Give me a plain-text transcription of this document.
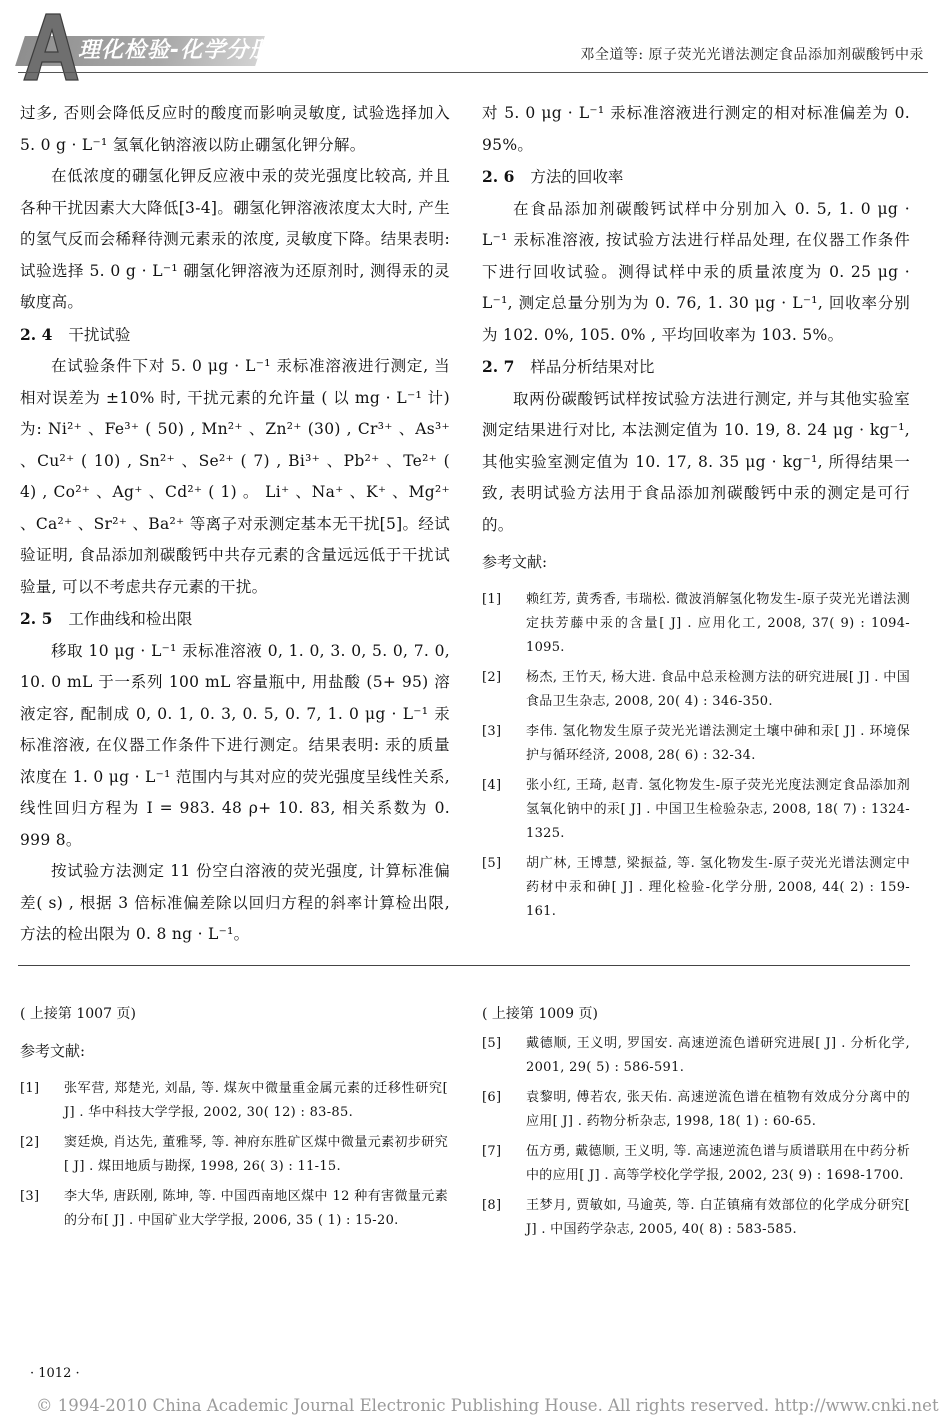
理化检验-化学分册	邓全道等: 原子荧光光谱法测定食品添加剂碳酸钙中汞

过多, 否则会降低反应时的酸度而影响灵敏度, 试验选择加入 5. 0 g · L⁻¹ 氢氧化钠溶液以防止硼氢化钾分解。

在低浓度的硼氢化钾反应液中汞的荧光强度比较高, 并且各种干扰因素大大降低[3-4]。硼氢化钾溶液浓度太大时, 产生的氢气反而会稀释待测元素汞的浓度, 灵敏度下降。结果表明: 试验选择 5. 0 g · L⁻¹ 硼氢化钾溶液为还原剂时, 测得汞的灵敏度高。

2. 4 干扰试验

在试验条件下对 5. 0 μg · L⁻¹ 汞标准溶液进行测定, 当相对误差为 ±10% 时, 干扰元素的允许量 ( 以 mg · L⁻¹ 计) 为: Ni²⁺ 、Fe³⁺ ( 50) , Mn²⁺ 、Zn²⁺ (30) , Cr³⁺ 、As³⁺ 、Cu²⁺ ( 10) , Sn²⁺ 、Se²⁺ ( 7) , Bi³⁺ 、Pb²⁺ 、Te²⁺ ( 4) , Co²⁺ 、Ag⁺ 、Cd²⁺ ( 1) 。 Li⁺ 、Na⁺ 、K⁺ 、Mg²⁺ 、Ca²⁺ 、Sr²⁺ 、Ba²⁺ 等离子对汞测定基本无干扰[5]。经试验证明, 食品添加剂碳酸钙中共存元素的含量远远低于干扰试验量, 可以不考虑共存元素的干扰。

2. 5 工作曲线和检出限

移取 10 μg · L⁻¹ 汞标准溶液 0, 1. 0, 3. 0, 5. 0, 7. 0, 10. 0 mL 于一系列 100 mL 容量瓶中, 用盐酸 (5+ 95) 溶液定容, 配制成 0, 0. 1, 0. 3, 0. 5, 0. 7, 1. 0 μg · L⁻¹ 汞标准溶液, 在仪器工作条件下进行测定。结果表明: 汞的质量浓度在 1. 0 μg · L⁻¹ 范围内与其对应的荧光强度呈线性关系, 线性回归方程为 I = 983. 48 ρ+ 10. 83, 相关系数为 0. 999 8。

按试验方法测定 11 份空白溶液的荧光强度, 计算标准偏差( s) , 根据 3 倍标准偏差除以回归方程的斜率计算检出限, 方法的检出限为 0. 8 ng · L⁻¹。

对 5. 0 μg · L⁻¹ 汞标准溶液进行测定的相对标准偏差为 0. 95%。

2. 6 方法的回收率

在食品添加剂碳酸钙试样中分别加入 0. 5, 1. 0 μg · L⁻¹ 汞标准溶液, 按试验方法进行样品处理, 在仪器工作条件下进行回收试验。测得试样中汞的质量浓度为 0. 25 μg · L⁻¹, 测定总量分别为为 0. 76, 1. 30 μg · L⁻¹, 回收率分别为 102. 0%, 105. 0% , 平均回收率为 103. 5%。

2. 7 样品分析结果对比

取两份碳酸钙试样按试验方法进行测定, 并与其他实验室测定结果进行对比, 本法测定值为 10. 19, 8. 24 μg · kg⁻¹, 其他实验室测定值为 10. 17, 8. 35 μg · kg⁻¹, 所得结果一致, 表明试验方法用于食品添加剂碳酸钙中汞的测定是可行的。

参考文献:
[1]	赖红芳, 黄秀香, 韦瑞松. 微波消解氢化物发生-原子荧光光谱法测定扶芳藤中汞的含量[ J] . 应用化工, 2008, 37( 9) : 1094-1095.
[2]	杨杰, 王竹天, 杨大进. 食品中总汞检测方法的研究进展[ J] . 中国食品卫生杂志, 2008, 20( 4) : 346-350.
[3]	李伟. 氢化物发生原子荧光光谱法测定土壤中砷和汞[ J] . 环境保护与循环经济, 2008, 28( 6) : 32-34.
[4]	张小红, 王琦, 赵青. 氢化物发生-原子荧光光度法测定食品添加剂氢氧化钠中的汞[ J] . 中国卫生检验杂志, 2008, 18( 7) : 1324-1325.
[5]	胡广林, 王博慧, 梁振益, 等. 氢化物发生-原子荧光光谱法测定中药材中汞和砷[ J] . 理化检验-化学分册, 2008, 44( 2) : 159-161.
( 上接第 1007 页)
参考文献:
[1]	张军营, 郑楚光, 刘晶, 等. 煤灰中微量重金属元素的迁移性研究[ J] . 华中科技大学学报, 2002, 30( 12) : 83-85.
[2]	窦廷焕, 肖达先, 董雅琴, 等. 神府东胜矿区煤中微量元素初步研究[ J] . 煤田地质与勘探, 1998, 26( 3) : 11-15.
[3]	李大华, 唐跃刚, 陈坤, 等. 中国西南地区煤中 12 种有害微量元素的分布[ J] . 中国矿业大学学报, 2006, 35 ( 1) : 15-20.
( 上接第 1009 页)
[5]	戴德顺, 王义明, 罗国安. 高速逆流色谱研究进展[ J] . 分析化学, 2001, 29( 5) : 586-591.
[6]	袁黎明, 傅若农, 张天佑. 高速逆流色谱在植物有效成分分离中的应用[ J] . 药物分析杂志, 1998, 18( 1) : 60-65.
[7]	伍方勇, 戴德顺, 王义明, 等. 高速逆流色谱与质谱联用在中药分析中的应用[ J] . 高等学校化学学报, 2002, 23( 9) : 1698-1700.
[8]	王梦月, 贾敏如, 马逾英, 等. 白芷镇痛有效部位的化学成分研究[ J] . 中国药学杂志, 2005, 40( 8) : 583-585.
· 1012 ·
© 1994-2010 China Academic Journal Electronic Publishing House. All rights reserved. http://www.cnki.net
